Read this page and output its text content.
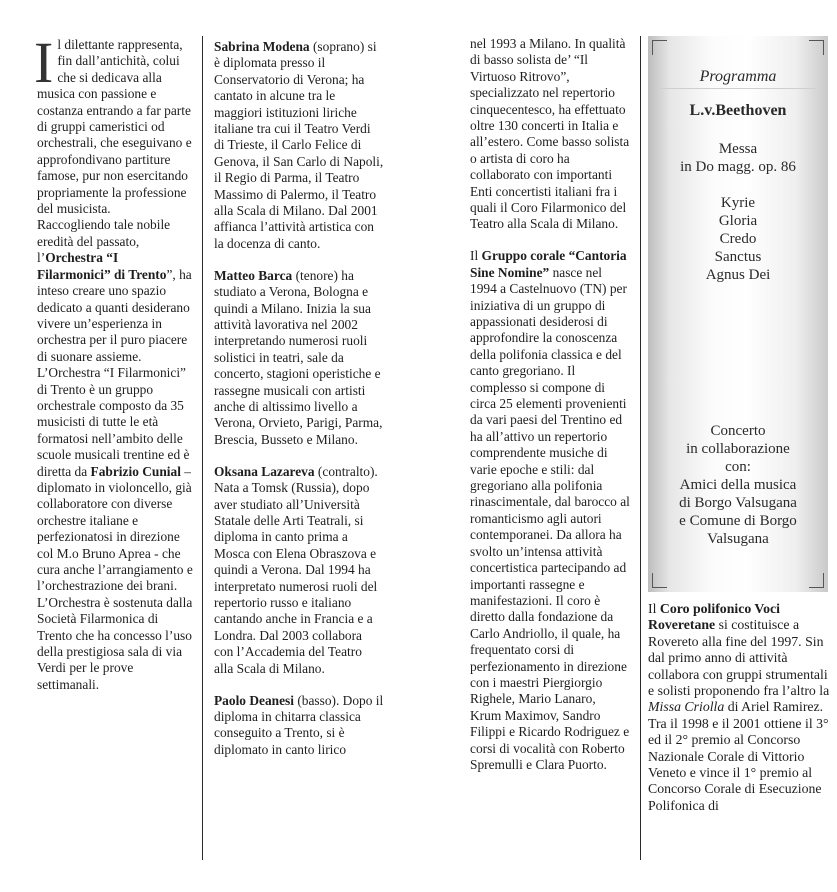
Il dilettante rappresenta, fin dall’antichità, colui che si dedicava alla musica con passione e costanza entrando a far parte di gruppi cameristici od orchestrali, che eseguivano e approfondivano partiture famose, pur non esercitando propriamente la professione del musicista.
Raccogliendo tale nobile eredità del passato, l’Orchestra “I Filarmonici” di Trento”, ha inteso creare uno spazio dedicato a quanti desiderano vivere un’esperienza in orchestra per il puro piacere di suonare assieme.
L’Orchestra “I Filarmonici” di Trento è un gruppo orchestrale composto da 35 musicisti di tutte le età formatosi nell’ambito delle scuole musicali trentine ed è diretta da Fabrizio Cunial – diplomato in violoncello, già collaboratore con diverse orchestre italiane e perfezionatosi in direzione col M.o Bruno Aprea - che cura anche l’arrangiamento e l’orchestrazione dei brani. L’Orchestra è sostenuta dalla Società Filarmonica di Trento che ha concesso l’uso della prestigiosa sala di via Verdi per le prove settimanali.
Sabrina Modena (soprano) si è diplomata presso il Conservatorio di Verona; ha cantato in alcune tra le maggiori istituzioni liriche italiane tra cui il Teatro Verdi di Trieste, il Carlo Felice di Genova, il San Carlo di Napoli, il Regio di Parma, il Teatro Massimo di Palermo, il Teatro alla Scala di Milano. Dal 2001 affianca l’attività artistica con la docenza di canto.
Matteo Barca (tenore) ha studiato a Verona, Bologna e quindi a Milano. Inizia la sua attività lavorativa nel 2002 interpretando numerosi ruoli solistici in teatri, sale da concerto, stagioni operistiche e rassegne musicali con artisti anche di altissimo livello a Verona, Orvieto, Parigi, Parma, Brescia, Busseto e Milano.
Oksana Lazareva (contralto). Nata a Tomsk (Russia), dopo aver studiato all’Università Statale delle Arti Teatrali, si diploma in canto prima a Mosca con Elena Obraszova e quindi a Verona. Dal 1994 ha interpretato numerosi ruoli del repertorio russo e italiano cantando anche in Francia e a Londra. Dal 2003 collabora con l’Accademia del Teatro alla Scala di Milano.
Paolo Deanesi (basso). Dopo il diploma in chitarra classica conseguito a Trento, si è diplomato in canto lirico
nel 1993 a Milano. In qualità di basso solista de’ “Il Virtuoso Ritrovo”, specializzato nel repertorio cinquecentesco, ha effettuato oltre 130 concerti in Italia e all’estero. Come basso solista o artista di coro ha collaborato con importanti Enti concertisti italiani fra i quali il Coro Filarmonico del Teatro alla Scala di Milano.
Il Gruppo corale “Cantoria Sine Nomine” nasce nel 1994 a Castelnuovo (TN) per iniziativa di un gruppo di appassionati desiderosi di approfondire la conoscenza della polifonia classica e del canto gregoriano. Il complesso si compone di circa 25 elementi provenienti da vari paesi del Trentino ed ha all’attivo un repertorio comprendente musiche di varie epoche e stili: dal gregoriano alla polifonia rinascimentale, dal barocco al romanticismo agli autori contemporanei. Da allora ha svolto un’intensa attività concertistica partecipando ad importanti rassegne e manifestazioni. Il coro è diretto dalla fondazione da Carlo Andriollo, il quale, ha frequentato corsi di perfezionamento in direzione con i maestri Piergiorgio Righele, Mario Lanaro, Krum Maximov, Sandro Filippi e Ricardo Rodriguez e corsi di vocalità con Roberto Spremulli e Clara Puorto.
Programma
L.v.Beethoven
Messa
in Do magg. op. 86
Kyrie
Gloria
Credo
Sanctus
Agnus Dei
Concerto
in collaborazione
con:
Amici della musica
di Borgo Valsugana
e Comune di Borgo
Valsugana
Il Coro polifonico Voci Roveretane si costituisce a Rovereto alla fine del 1997. Sin dal primo anno di attività collabora con gruppi strumentali e solisti proponendo fra l’altro la Missa Criolla di Ariel Ramirez. Tra il 1998 e il 2001 ottiene il 3° ed il 2° premio al Concorso Nazionale Corale di Vittorio Veneto e vince il 1° premio al Concorso Corale di Esecuzione Polifonica di
